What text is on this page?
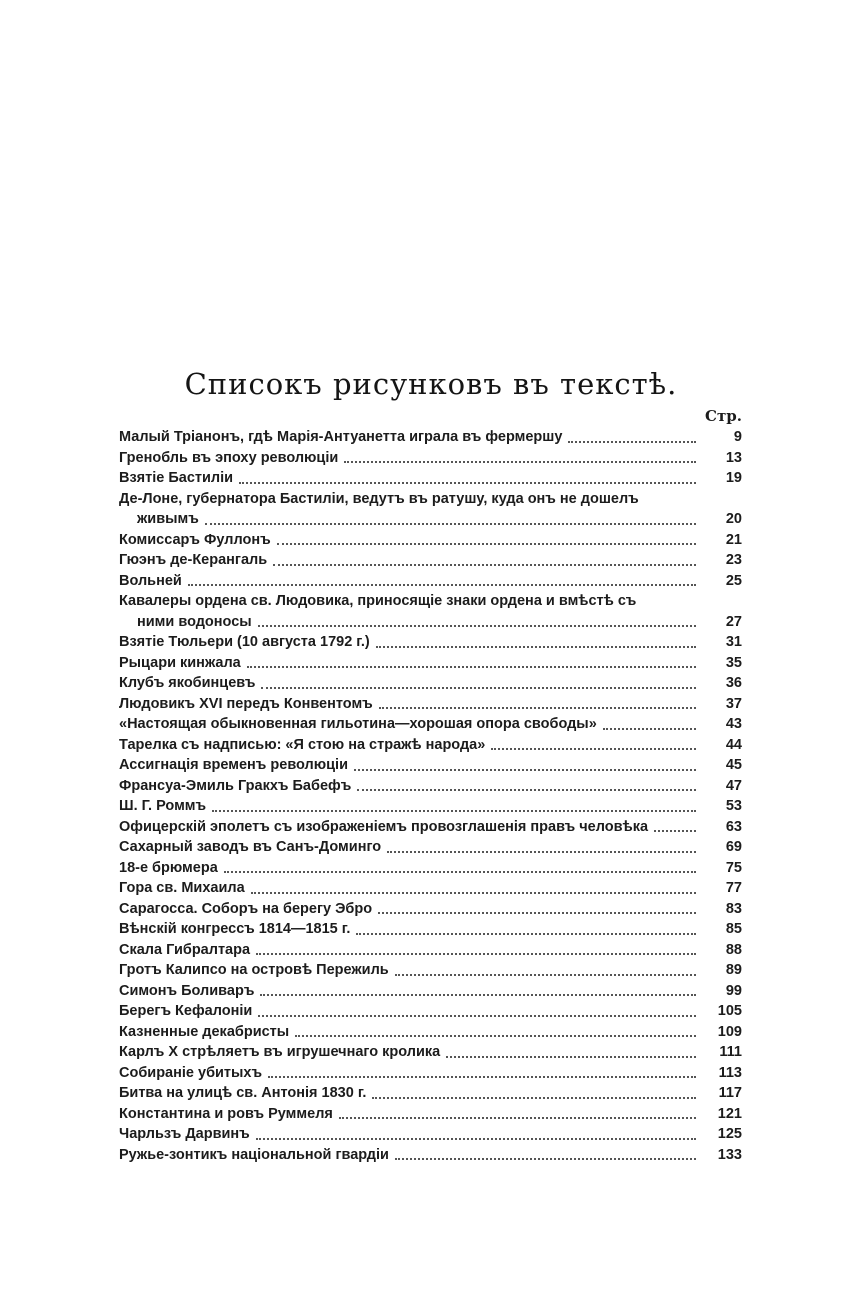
Списокъ рисунковъ въ текстѣ.
Стр.
Малый Тріанонъ, гдѣ Марія-Антуанетта играла въ фермершу	9
Гренобль въ эпоху революціи	13
Взятіе Бастиліи	19
Де-Лоне, губернатора Бастиліи, ведутъ въ ратушу, куда онъ не дошелъ
живымъ	20
Комиссаръ Фуллонъ	21
Гюэнъ де-Керангаль	23
Вольней	25
Кавалеры ордена св. Людовика, приносящіе знаки ордена и вмѣстѣ съ
ними водоносы	27
Взятіе Тюльери (10 августа 1792 г.)	31
Рыцари кинжала	35
Клубъ якобинцевъ	36
Людовикъ XVI передъ Конвентомъ	37
«Настоящая обыкновенная гильотина—хорошая опора свободы»	43
Тарелка съ надписью: «Я стою на стражѣ народа»	44
Ассигнація временъ революціи	45
Франсуа-Эмиль Гракхъ Бабефъ	47
Ш. Г. Роммъ	53
Офицерскій эполетъ съ изображеніемъ провозглашенія правъ человѣка	63
Сахарный заводъ въ Санъ-Доминго	69
18-е брюмера	75
Гора св. Михаила	77
Сарагосса. Соборъ на берегу Эбро	83
Вѣнскій конгрессъ 1814—1815 г.	85
Скала Гибралтара	88
Гротъ Калипсо на островѣ Пережиль	89
Симонъ Боливаръ	99
Берегъ Кефалоніи	105
Казненные декабристы	109
Карлъ X стрѣляетъ въ игрушечнаго кролика	111
Собираніе убитыхъ	113
Битва на улицѣ св. Антонія 1830 г.	117
Константина и ровъ Руммеля	121
Чарльзъ Дарвинъ	125
Ружье-зонтикъ національной гвардіи	133
